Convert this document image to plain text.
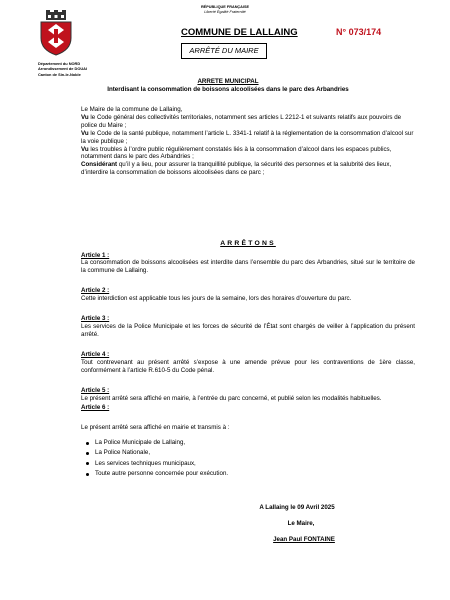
RÉPUBLIQUE FRANÇAISE
Liberté Égalité Fraternité
COMMUNE DE LALLAING	N° 073/174
ARRÊTÉ DU MAIRE
Département du NORD
Arrondissement de DOUAI
Canton de Sin-le-Noble
ARRETE MUNICIPAL
Interdisant la consommation de boissons alcoolisées dans le parc des Arbandries
Le Maire de la commune de Lallaing,
Vu le Code général des collectivités territoriales, notamment ses articles L 2212-1 et suivants relatifs aux pouvoirs de police du Maire ;
Vu le Code de la santé publique, notamment l’article L. 3341-1 relatif à la réglementation de la consommation d’alcool sur la voie publique ;
Vu les troubles à l’ordre public régulièrement constatés liés à la consommation d’alcool dans les espaces publics, notamment dans le parc des Arbandries ;
Considérant qu’il y a lieu, pour assurer la tranquillité publique, la sécurité des personnes et la salubrité des lieux, d’interdire la consommation de boissons alcoolisées dans ce parc ;
ARRÊTONS
Article 1 :
La consommation de boissons alcoolisées est interdite dans l’ensemble du parc des Arbandries, situé sur le territoire de la commune de Lallaing.
Article 2 :
Cette interdiction est applicable tous les jours de la semaine, lors des horaires d’ouverture du parc.
Article 3 :
Les services de la Police Municipale et les forces de sécurité de l’État sont chargés de veiller à l’application du présent arrêté.
Article 4 :
Tout contrevenant au présent arrêté s’expose à une amende prévue pour les contraventions de 1ère classe, conformément à l’article R.610-5 du Code pénal.
Article 5 :
Le présent arrêté sera affiché en mairie, à l’entrée du parc concerné, et publié selon les modalités habituelles.
Article 6 :
Le présent arrêté sera affiché en mairie et transmis à :
La Police Municipale de Lallaing,
La Police Nationale,
Les services techniques municipaux,
Toute autre personne concernée pour exécution.
A Lallaing le 09 Avril 2025
Le Maire,
Jean Paul FONTAINE
